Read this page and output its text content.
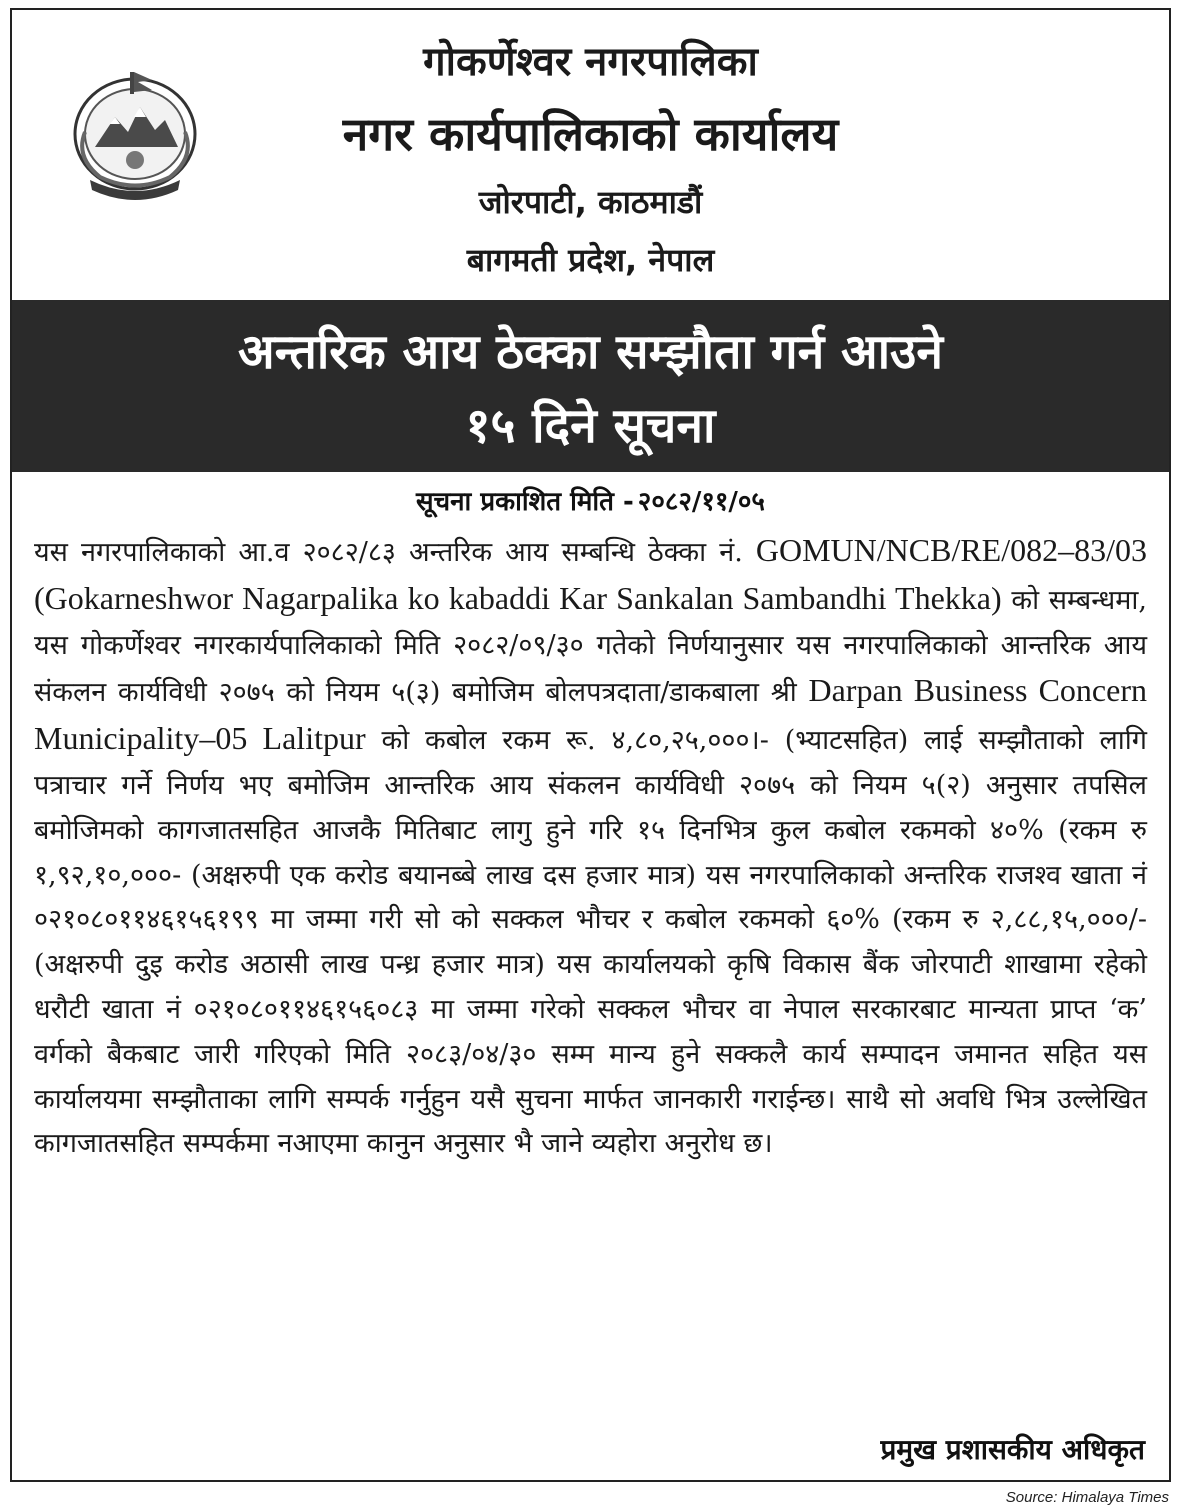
गोकर्णेश्वर नगरपालिका
नगर कार्यपालिकाको कार्यालय
जोरपाटी, काठमाडौं
बागमती प्रदेश, नेपाल
अन्तरिक आय ठेक्का सम्झौता गर्न आउने
१५ दिने सूचना
सूचना प्रकाशित मिति - २०८२/११/०५
यस नगरपालिकाको आ.व २०८२/८३ अन्तरिक आय सम्बन्धि ठेक्का नं. GOMUN/NCB/RE/082–83/03 (Gokarneshwor Nagarpalika ko kabaddi Kar Sankalan Sambandhi Thekka) को सम्बन्धमा, यस गोकर्णेश्वर नगरकार्यपालिकाको मिति २०८२/०९/३० गतेको निर्णयानुसार यस नगरपालिकाको आन्तरिक आय संकलन कार्यविधी २०७५ को नियम ५(३) बमोजिम बोलपत्रदाता/डाकबाला श्री Darpan Business Concern Municipality–05 Lalitpur को कबोल रकम रू. ४,८०,२५,०००।- (भ्याटसहित) लाई सम्झौताको लागि पत्राचार गर्ने निर्णय भए बमोजिम आन्तरिक आय संकलन कार्यविधी २०७५ को नियम ५(२) अनुसार तपसिल बमोजिमको कागजातसहित आजकै मितिबाट लागु हुने गरि १५ दिनभित्र कुल कबोल रकमको ४०% (रकम रु १,९२,१०,०००- (अक्षरुपी एक करोड बयानब्बे लाख दस हजार मात्र) यस नगरपालिकाको अन्तरिक राजश्व खाता नं ०२१०८०११४६१५६१९९ मा जम्मा गरी सो को सक्कल भौचर र कबोल रकमको ६०% (रकम रु २,८८,१५,०००/- (अक्षरुपी दुइ करोड अठासी लाख पन्ध्र हजार मात्र) यस कार्यालयको कृषि विकास बैंक जोरपाटी शाखामा रहेको धरौटी खाता नं ०२१०८०११४६१५६०८३ मा जम्मा गरेको सक्कल भौचर वा नेपाल सरकारबाट मान्यता प्राप्त ‘क’ वर्गको बैकबाट जारी गरिएको मिति २०८३/०४/३० सम्म मान्य हुने सक्कलै कार्य सम्पादन जमानत सहित यस कार्यालयमा सम्झौताका लागि सम्पर्क गर्नुहुन यसै सुचना मार्फत जानकारी गराईन्छ। साथै सो अवधि भित्र उल्लेखित कागजातसहित सम्पर्कमा नआएमा कानुन अनुसार भै जाने व्यहोरा अनुरोध छ।
प्रमुख प्रशासकीय अधिकृत
Source: Himalaya Times
